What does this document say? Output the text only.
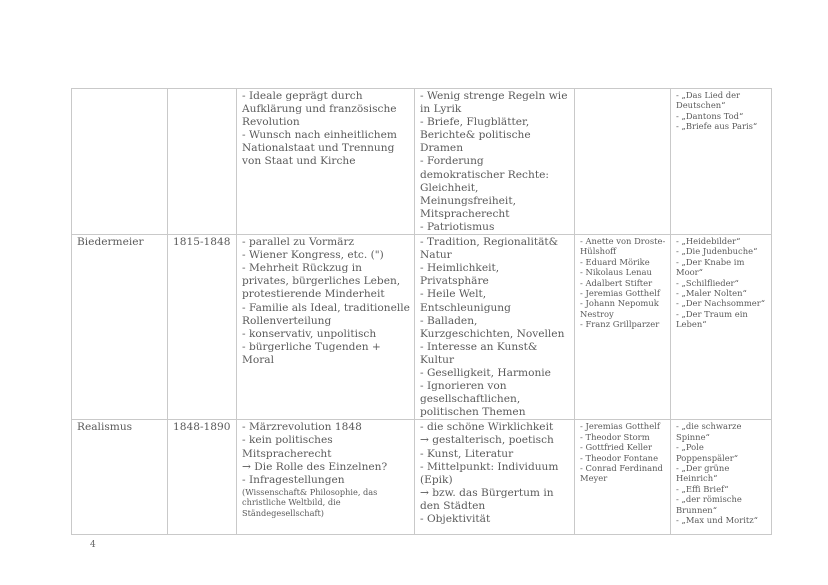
		- Ideale geprägt durch Aufklärung und französische Revolution
- Wunsch nach einheitlichem Nationalstaat und Trennung von Staat und Kirche	- Wenig strenge Regeln wie in Lyrik
- Briefe, Flugblätter, Berichte& politische Dramen
- Forderung demokratischer Rechte: Gleichheit, Meinungsfreiheit, Mitspracherecht
- Patriotismus		- „Das Lied der Deutschen“
- „Dantons Tod“
- „Briefe aus Paris“

Biedermeier	1815-1848	- parallel zu Vormärz
- Wiener Kongress, etc. (")
- Mehrheit Rückzug in privates, bürgerliches Leben, protestierende Minderheit
- Familie als Ideal, traditionelle Rollenverteilung
- konservativ, unpolitisch
- bürgerliche Tugenden + Moral

- Tradition, Regionalität& Natur
- Heimlichkeit, Privatsphäre
- Heile Welt, Entschleunigung
- Balladen, Kurzgeschichten, Novellen
- Interesse an Kunst& Kultur
- Geselligkeit, Harmonie
- Ignorieren von gesellschaftlichen, politischen Themen

- Anette von Droste-Hülshoff
- Eduard Mörike
- Nikolaus Lenau
- Adalbert Stifter
- Jeremias Gotthelf
- Johann Nepomuk Nestroy
- Franz Grillparzer

- „Heidebilder“
- „Die Judenbuche“
- „Der Knabe im Moor“
- „Schilflieder“
- „Maler Nolten“
- „Der Nachsommer“
- „Der Traum ein Leben“

Realismus	1848-1890	- Märzrevolution 1848
- kein politisches Mitspracherecht
→ Die Rolle des Einzelnen?
- Infragestellungen
(Wissenschaft& Philosophie, das christliche Weltbild, die Ständegesellschaft)

- die schöne Wirklichkeit
→ gestalterisch, poetisch
- Kunst, Literatur
- Mittelpunkt: Individuum (Epik)
→ bzw. das Bürgertum in den Städten
- Objektivität

- Jeremias Gotthelf
- Theodor Storm
- Gottfried Keller
- Theodor Fontane
- Conrad Ferdinand Meyer

- „die schwarze Spinne“
- „Pole Poppenspäler“
- „Der grüne Heinrich“
- „Effi Brief“
- „der römische Brunnen“
- „Max und Moritz“
4
